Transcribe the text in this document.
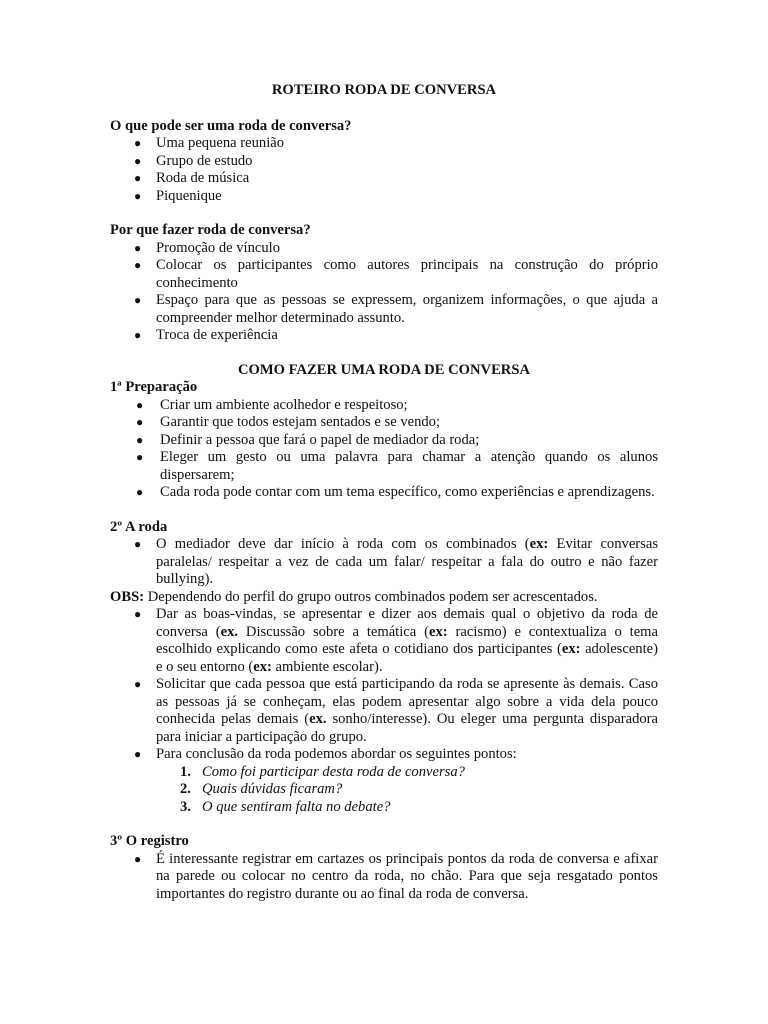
ROTEIRO RODA DE CONVERSA

O que pode ser uma roda de conversa?

● Uma pequena reunião
● Grupo de estudo
● Roda de música
● Piquenique

Por que fazer roda de conversa?

● Promoção de vínculo
● Colocar os participantes como autores principais na construção do próprio conhecimento
● Espaço para que as pessoas se expressem, organizem informações, o que ajuda a compreender melhor determinado assunto.
● Troca de experiência

COMO FAZER UMA RODA DE CONVERSA

1ª Preparação

● Criar um ambiente acolhedor e respeitoso;
● Garantir que todos estejam sentados e se vendo;
● Definir a pessoa que fará o papel de mediador da roda;
● Eleger um gesto ou uma palavra para chamar a atenção quando os alunos dispersarem;
● Cada roda pode contar com um tema específico, como experiências e aprendizagens.

2º A roda

● O mediador deve dar início à roda com os combinados (ex: Evitar conversas paralelas/ respeitar a vez de cada um falar/ respeitar a fala do outro e não fazer bullying).

OBS: Dependendo do perfil do grupo outros combinados podem ser acrescentados.

● Dar as boas-vindas, se apresentar e dizer aos demais qual o objetivo da roda de conversa (ex. Discussão sobre a temática (ex: racismo) e contextualiza o tema escolhido explicando como este afeta o cotidiano dos participantes (ex: adolescente) e o seu entorno (ex: ambiente escolar).
● Solicitar que cada pessoa que está participando da roda se apresente às demais. Caso as pessoas já se conheçam, elas podem apresentar algo sobre a vida dela pouco conhecida pelas demais (ex. sonho/interesse). Ou eleger uma pergunta disparadora para iniciar a participação do grupo.
● Para conclusão da roda podemos abordar os seguintes pontos:
1. Como foi participar desta roda de conversa?
2. Quais dúvidas ficaram?
3. O que sentiram falta no debate?

3º O registro

● É interessante registrar em cartazes os principais pontos da roda de conversa e afixar na parede ou colocar no centro da roda, no chão. Para que seja resgatado pontos importantes do registro durante ou ao final da roda de conversa.
